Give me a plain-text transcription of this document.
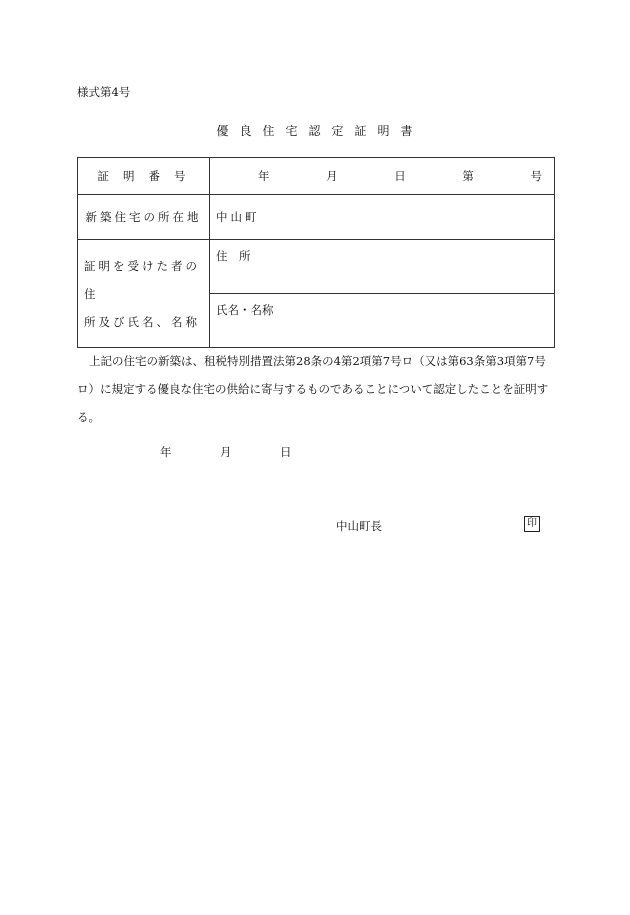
様式第4号
優良住宅認定証明書
証明番号	年 月 日 第 号

新築住宅の所在地	中山町

証明を受けた者の住
所及び氏名、名称	住　所
	氏名・名称
上記の住宅の新築は、租税特別措置法第28条の4第2項第7号ロ（又は第63条第3項第7号ロ）に規定する優良な住宅の供給に寄与するものであることについて認定したことを証明する。
年	月	日
中山町長	印
